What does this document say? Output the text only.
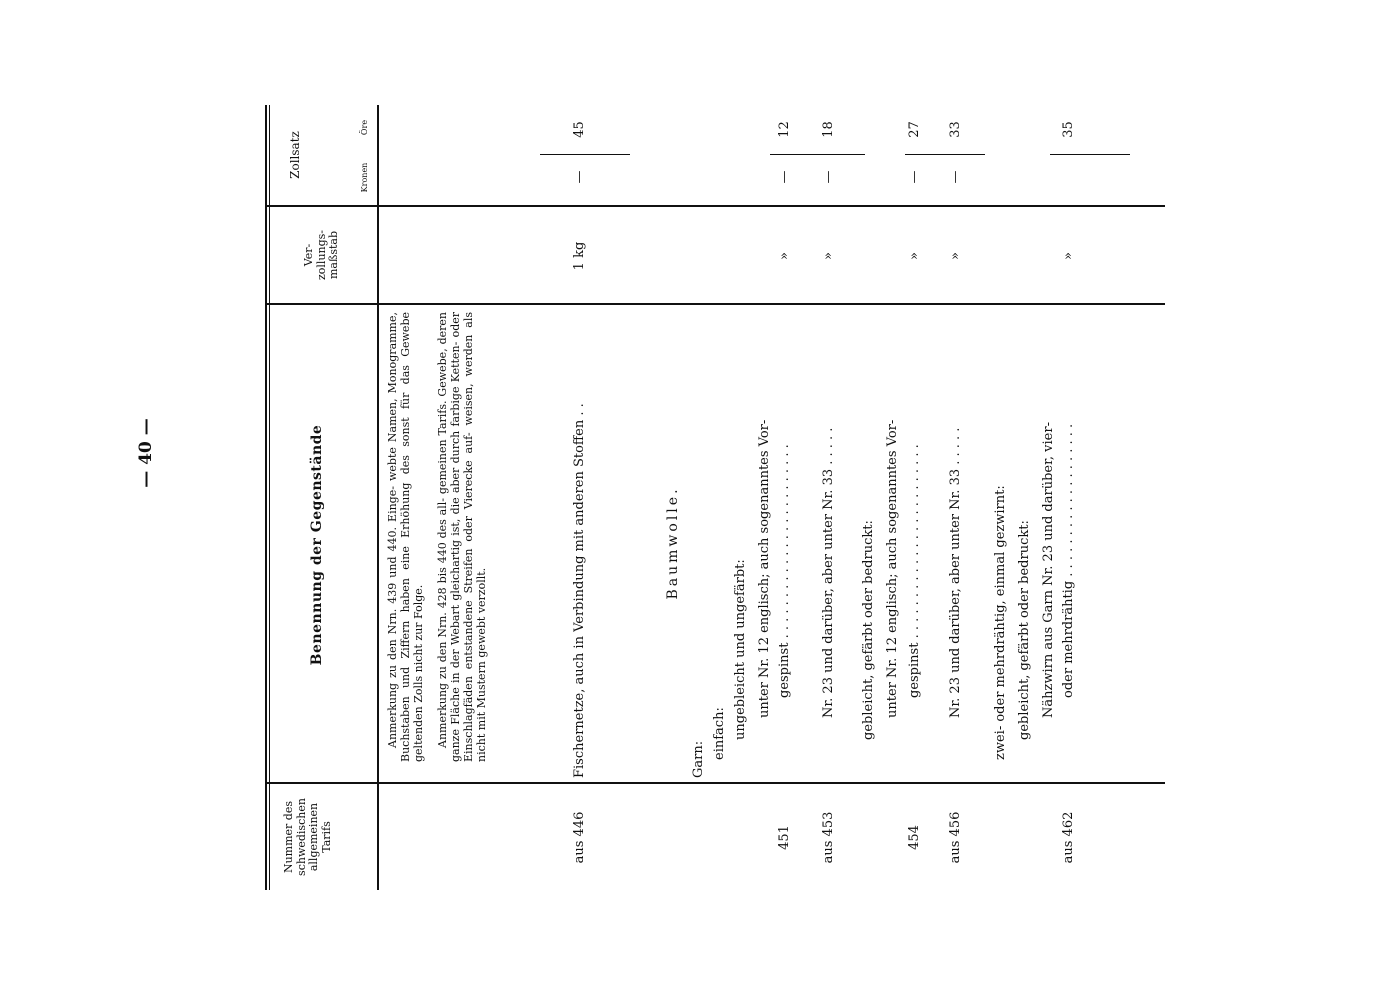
— 40 —
Nummer des schwedischen allgemeinen Tarifs
Benennung der Gegenstände
Ver- zollungs- maßstab
Zollsatz	Kronen
Öre
Anmerkung zu den Nrn. 439 und 440. Einge- webte Namen, Monogramme, Buchstaben und Ziffern haben eine Erhöhung des sonst für das Gewebe geltenden Zolls nicht zur Folge. Anmerkung zu den Nrn. 428 bis 440 des all- gemeinen Tarifs. Gewebe, deren ganze Fläche in der Webart gleichartig ist, die aber durch farbige Ketten- oder Einschlagfäden entstandene Streifen oder Vierecke auf- weisen, werden als nicht mit Mustern gewebt verzollt.
aus 446
Fischernetze, auch in Verbindung mit anderen Stoffen . .
1 kg
—
45
Baumwolle.
Garn: einfach: ungebleicht und ungefärbt: unter Nr. 12 englisch; auch sogenanntes Vor-
451
gespinst . . . . . . . . . . . . . . . . . . . . . . . .
»
—
12
aus 453
Nr. 23 und darüber, aber unter Nr. 33 . . . . .
»
—
18
gebleicht, gefärbt oder bedruckt: unter Nr. 12 englisch; auch sogenanntes Vor-
454
gespinst . . . . . . . . . . . . . . . . . . . . . . . .
»
—
27
aus 456
Nr. 23 und darüber, aber unter Nr. 33 . . . . .
»
—
33
zwei- oder mehrdrähtig, einmal gezwirnt: gebleicht, gefärbt oder bedruckt: Nähzwirn aus Garn Nr. 23 und darüber, vier-
aus 462
oder mehrdrähtig . . . . . . . . . . . . . . . . . . .
»
35
